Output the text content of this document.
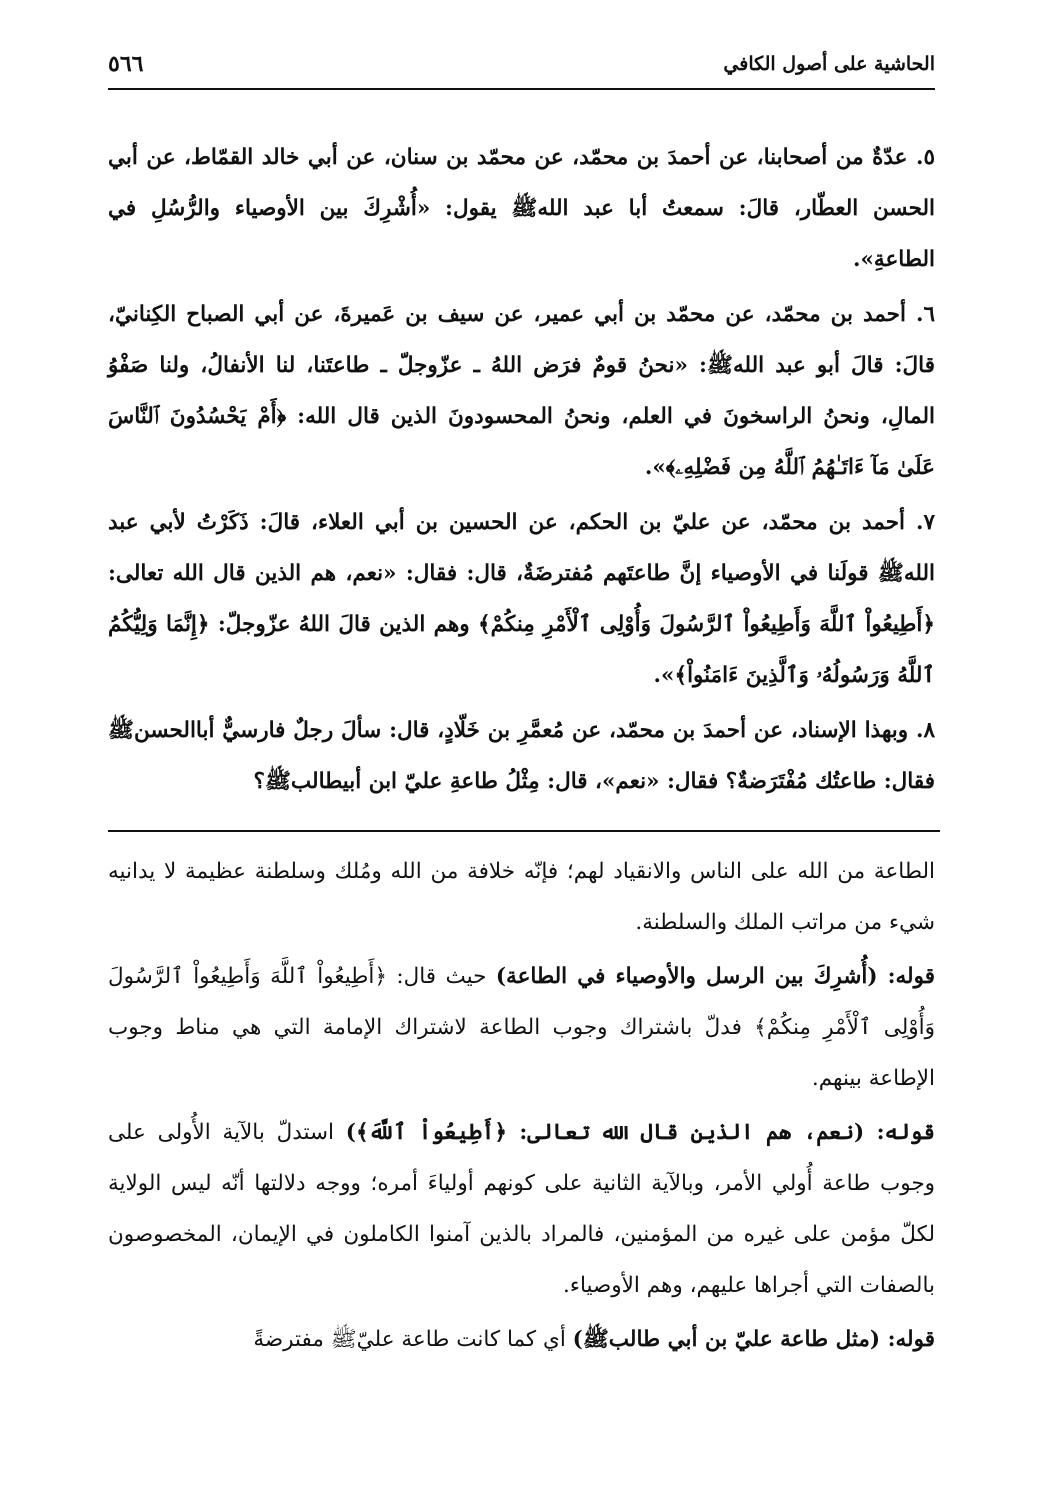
الحاشية على أصول الكافي
٥٦٦

٥. عدّةٌ من أصحابنا، عن أحمدَ بن محمّد، عن محمّد بن سنان، عن أبي خالد القمّاط، عن أبي الحسن العطّار، قالَ: سمعتُ أبا عبد اللهﷺ يقول: «أُشْرِكَ بين الأوصياء والرُّسُلِ في الطاعةِ».

٦. أحمد بن محمّد، عن محمّد بن أبي عمير، عن سيف بن عَميرةَ، عن أبي الصباح الكِنانيّ، قالَ: قالَ أبو عبد اللهﷺ: «نحنُ قومٌ فرَض اللهُ ـ عزّوجلّ ـ طاعتَنا، لنا الأنفالُ، ولنا صَفْوُ المالِ، ونحنُ الراسخونَ في العلم، ونحنُ المحسودونَ الذين قال الله: ﴿أَمْ يَحْسُدُونَ ٱلنَّاسَ عَلَىٰ مَآ ءَاتَـٰهُمُ ٱللَّهُ مِن فَضْلِهِۦ﴾».

٧. أحمد بن محمّد، عن عليّ بن الحكم، عن الحسين بن أبي العلاء، قالَ: ذَكَرْتُ لأبي عبد اللهﷺ قولَنا في الأوصياء إنَّ طاعتَهم مُفترضَةٌ، قال: فقال: «نعم، هم الذين قال الله تعالى: ﴿أَطِيعُواْ ٱللَّهَ وَأَطِيعُواْ ٱلرَّسُولَ وَأُوْلِى ٱلْأَمْرِ مِنكُمْ﴾ وهم الذين قالَ اللهُ عزّوجلّ: ﴿إِنَّمَا وَلِيُّكُمُ ٱللَّهُ وَرَسُولُهُۥ وَٱلَّذِينَ ءَامَنُواْ﴾».

٨. وبهذا الإسناد، عن أحمدَ بن محمّد، عن مُعمَّرِ بن خَلّادٍ، قال: سألَ رجلٌ فارسيٌّ أباالحسنﷺ فقال: طاعتُك مُفْتَرَضةٌ؟ فقال: «نعم»، قال: مِثْلُ طاعةِ عليّ ابن أبيطالبﷺ؟

الطاعة من الله على الناس والانقياد لهم؛ فإنّه خلافة من الله ومُلك وسلطنة عظيمة لا يدانيه شيء من مراتب الملك والسلطنة.

قوله: (أُشرِكَ بين الرسل والأوصياء في الطاعة) حيث قال: ﴿أَطِيعُواْ ٱللَّهَ وَأَطِيعُواْ ٱلرَّسُولَ وَأُوْلِى ٱلْأَمْرِ مِنكُمْ﴾ فدلّ باشتراك وجوب الطاعة لاشتراك الإمامة التي هي مناط وجوب الإطاعة بينهم.

قوله: (نعم، هم الذين قال الله تعالى: ﴿أَطِيعُواْ ٱللَّهَ﴾) استدلّ بالآية الأُولى على وجوب طاعة أُولي الأمر، وبالآية الثانية على كونهم أولياءَ أمره؛ ووجه دلالتها أنّه ليس الولاية لكلّ مؤمن على غيره من المؤمنين، فالمراد بالذين آمنوا الكاملون في الإيمان، المخصوصون بالصفات التي أجراها عليهم، وهم الأوصياء.

قوله: (مثل طاعة عليّ بن أبي طالبﷺ) أي كما كانت طاعة عليّﷺ مفترضةً
